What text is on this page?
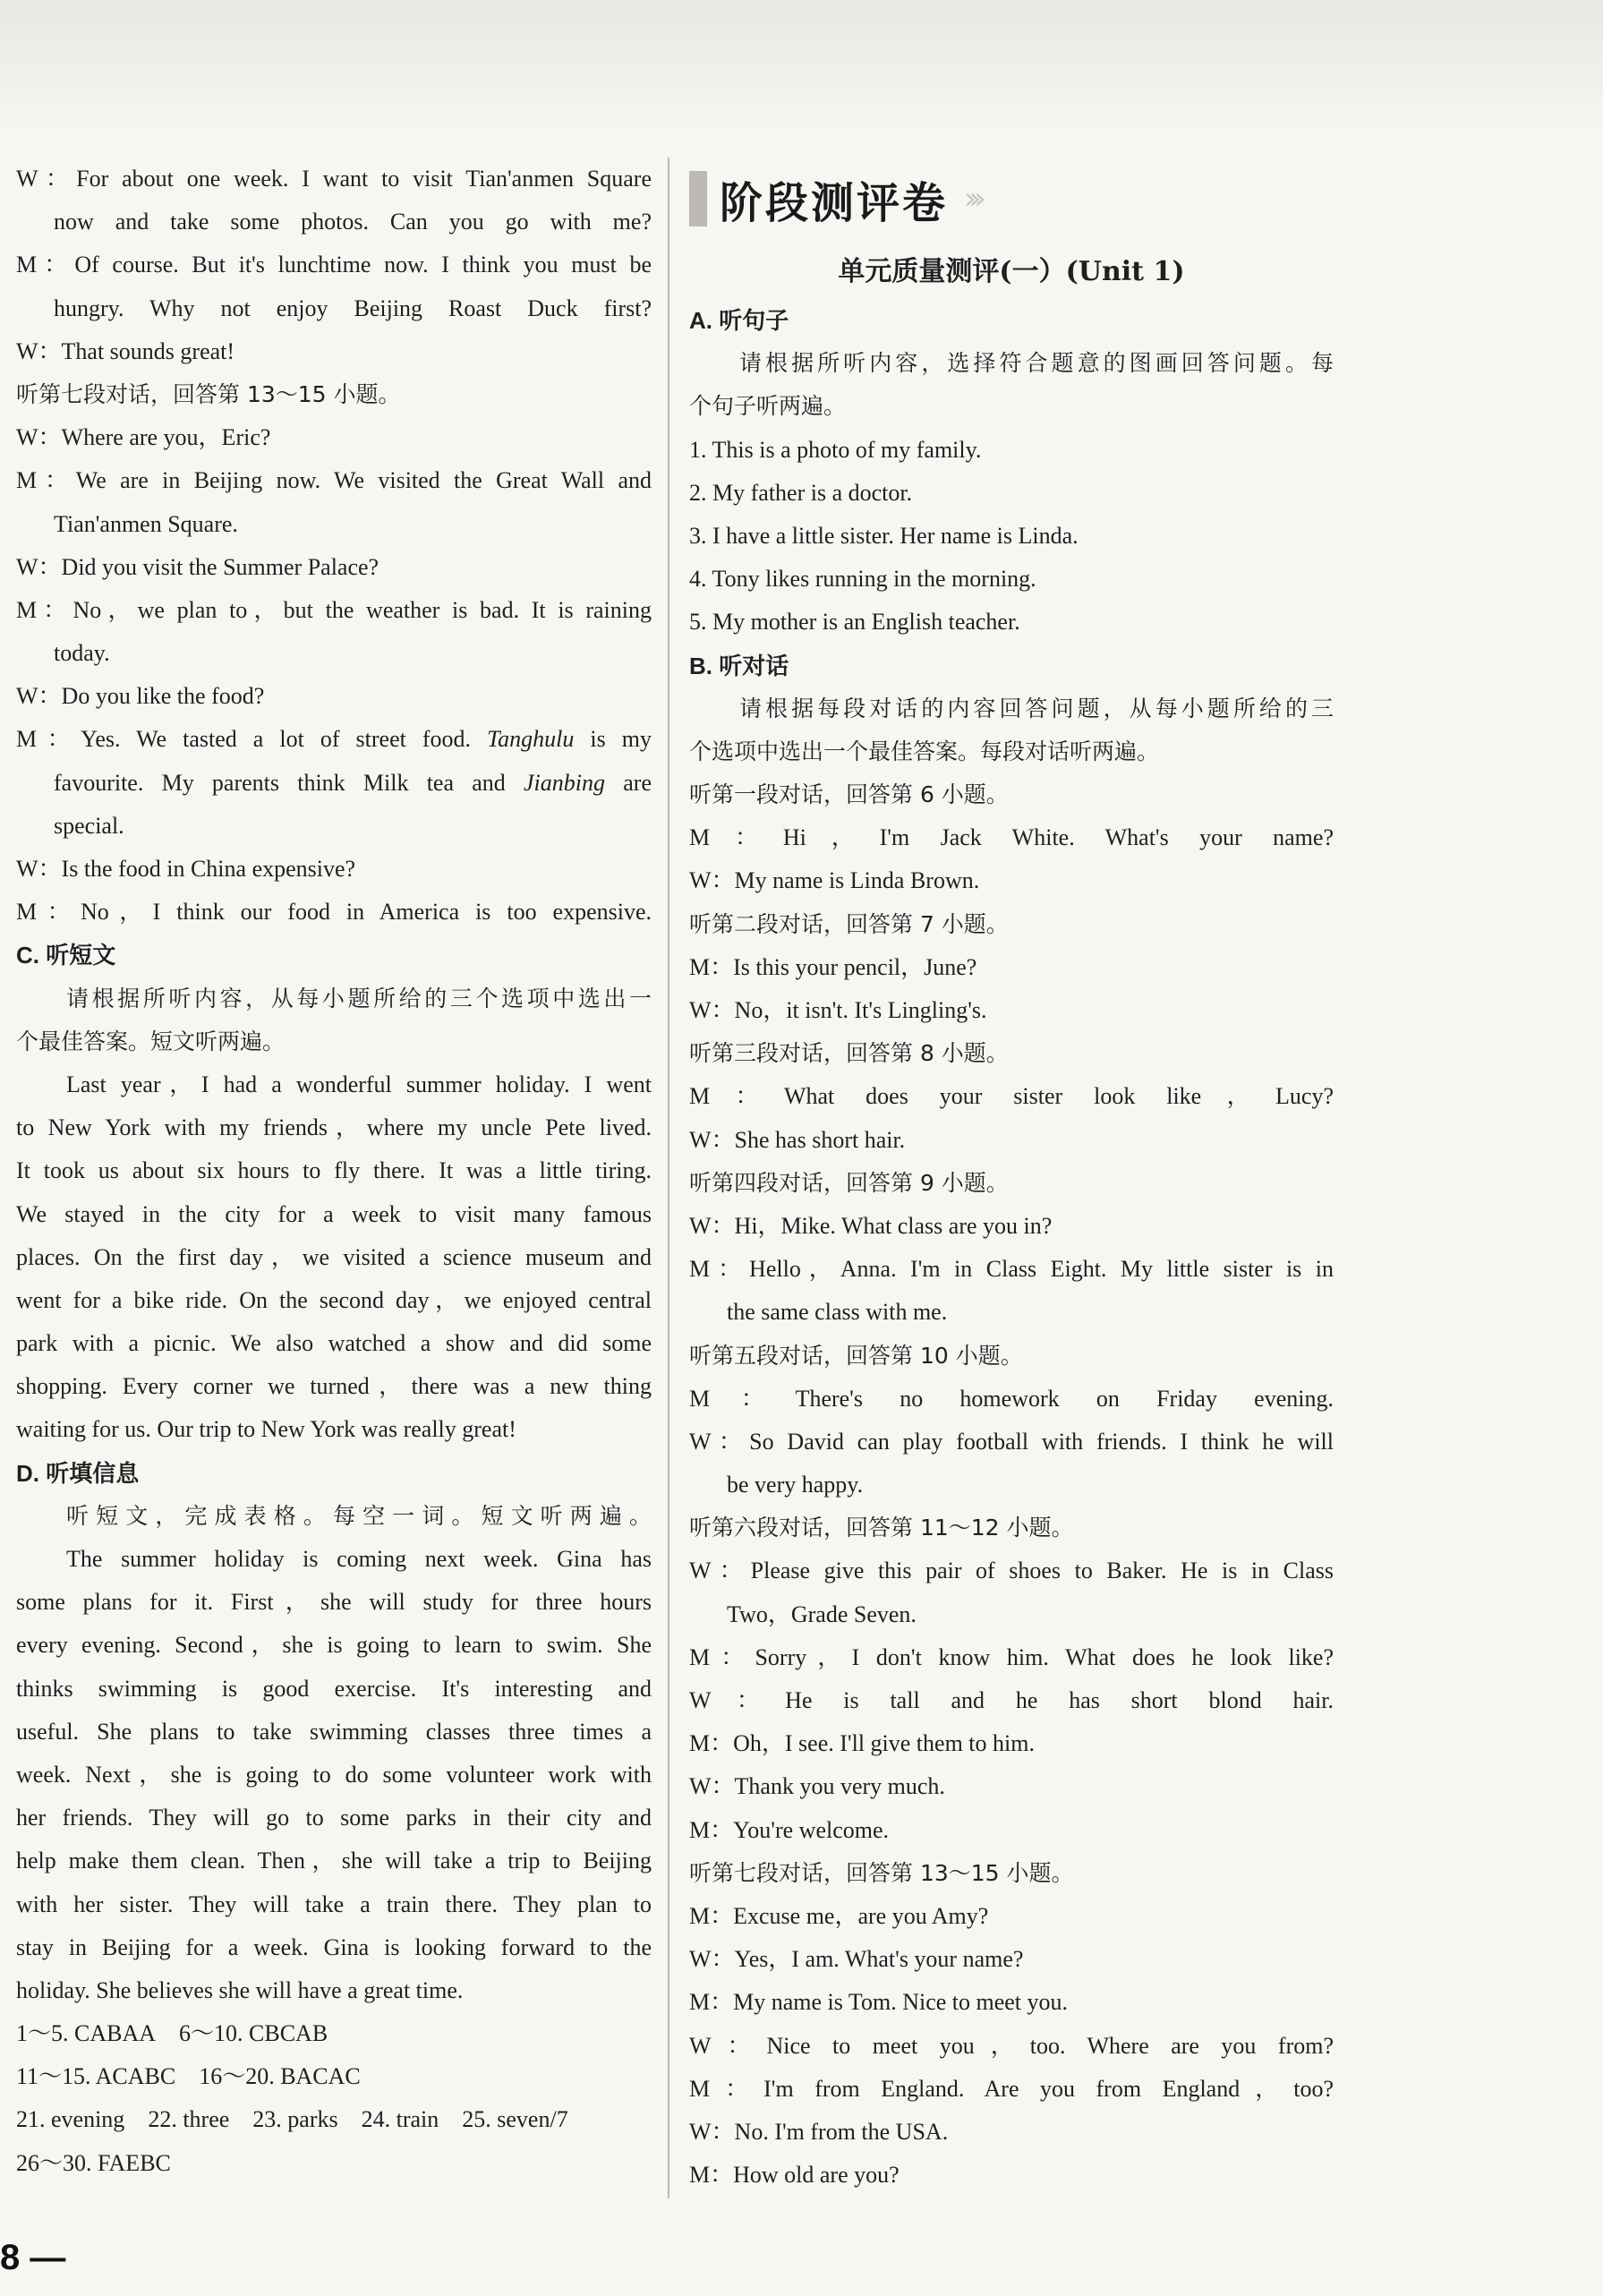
W：For about one week. I want to visit Tian'anmen Square
now and take some photos. Can you go with me?
M：Of course. But it's lunchtime now. I think you must be
hungry. Why not enjoy Beijing Roast Duck first?
W：That sounds great!
听第七段对话，回答第 13～15 小题。
W：Where are you，Eric?
M：We are in Beijing now. We visited the Great Wall and
Tian'anmen Square.
W：Did you visit the Summer Palace?
M：No，we plan to，but the weather is bad. It is raining
today.
W：Do you like the food?
M：Yes. We tasted a lot of street food. Tanghulu is my
favourite. My parents think Milk tea and Jianbing are
special.
W：Is the food in China expensive?
M：No，I think our food in America is too expensive.
C. 听短文
请根据所听内容，从每小题所给的三个选项中选出一
个最佳答案。短文听两遍。
Last year，I had a wonderful summer holiday. I went
to New York with my friends，where my uncle Pete lived.
It took us about six hours to fly there. It was a little tiring.
We stayed in the city for a week to visit many famous
places. On the first day，we visited a science museum and
went for a bike ride. On the second day，we enjoyed central
park with a picnic. We also watched a show and did some
shopping. Every corner we turned，there was a new thing
waiting for us. Our trip to New York was really great!
D. 听填信息
听短文，完成表格。每空一词。短文听两遍。
The summer holiday is coming next week. Gina has
some plans for it. First，she will study for three hours
every evening. Second，she is going to learn to swim. She
thinks swimming is good exercise. It's interesting and
useful. She plans to take swimming classes three times a
week. Next，she is going to do some volunteer work with
her friends. They will go to some parks in their city and
help make them clean. Then，she will take a trip to Beijing
with her sister. They will take a train there. They plan to
stay in Beijing for a week. Gina is looking forward to the
holiday. She believes she will have a great time.
1～5. CABAA 6～10. CBCAB
11～15. ACABC 16～20. BACAC
21. evening 22. three 23. parks 24. train 25. seven/7
26～30. FAEBC
阶段测评卷 ›››
单元质量测评(一）(Unit 1)
A. 听句子
请根据所听内容，选择符合题意的图画回答问题。每
个句子听两遍。
1. This is a photo of my family.
2. My father is a doctor.
3. I have a little sister. Her name is Linda.
4. Tony likes running in the morning.
5. My mother is an English teacher.
B. 听对话
请根据每段对话的内容回答问题，从每小题所给的三
个选项中选出一个最佳答案。每段对话听两遍。
听第一段对话，回答第 6 小题。
M：Hi，I'm Jack White. What's your name?
W：My name is Linda Brown.
听第二段对话，回答第 7 小题。
M：Is this your pencil，June?
W：No，it isn't. It's Lingling's.
听第三段对话，回答第 8 小题。
M：What does your sister look like，Lucy?
W：She has short hair.
听第四段对话，回答第 9 小题。
W：Hi，Mike. What class are you in?
M：Hello，Anna. I'm in Class Eight. My little sister is in
the same class with me.
听第五段对话，回答第 10 小题。
M：There's no homework on Friday evening.
W：So David can play football with friends. I think he will
be very happy.
听第六段对话，回答第 11～12 小题。
W：Please give this pair of shoes to Baker. He is in Class
Two，Grade Seven.
M：Sorry，I don't know him. What does he look like?
W：He is tall and he has short blond hair.
M：Oh，I see. I'll give them to him.
W：Thank you very much.
M：You're welcome.
听第七段对话，回答第 13～15 小题。
M：Excuse me，are you Amy?
W：Yes，I am. What's your name?
M：My name is Tom. Nice to meet you.
W：Nice to meet you，too. Where are you from?
M：I'm from England. Are you from England，too?
W：No. I'm from the USA.
M：How old are you?
8 —
